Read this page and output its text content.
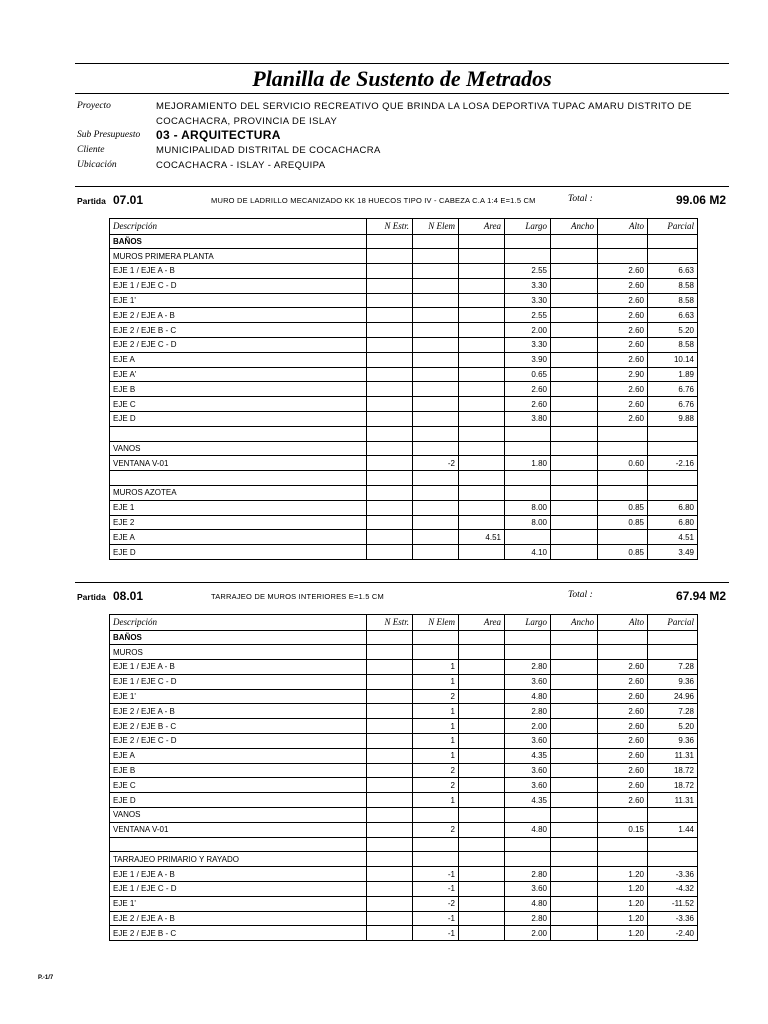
Planilla de Sustento de Metrados
Proyecto	MEJORAMIENTO DEL SERVICIO RECREATIVO QUE BRINDA LA LOSA DEPORTIVA TUPAC AMARU DISTRITO DE
COCACHACRA, PROVINCIA DE ISLAY
Sub Presupuesto 03 - ARQUITECTURA
Cliente	MUNICIPALIDAD DISTRITAL DE COCACHACRA
Ubicación	COCACHACRA - ISLAY - AREQUIPA
Partida 07.01	MURO DE LADRILLO MECANIZADO KK 18 HUECOS TIPO IV - CABEZA C.A 1:4 E=1.5 CM	Total :	99.06 M2
Descripción	N Estr.	N Elem	Area	Largo	Ancho	Alto	Parcial
BAÑOS							
MUROS PRIMERA PLANTA							
EJE 1 / EJE A - B				2.55		2.60	6.63
EJE 1 / EJE C - D				3.30		2.60	8.58
EJE 1'				3.30		2.60	8.58
EJE 2 / EJE A - B				2.55		2.60	6.63
EJE 2 / EJE B - C				2.00		2.60	5.20
EJE 2 / EJE C - D				3.30		2.60	8.58
EJE A				3.90		2.60	10.14
EJE A'				0.65		2.90	1.89
EJE B				2.60		2.60	6.76
EJE C				2.60		2.60	6.76
EJE D				3.80		2.60	9.88

VANOS							
VENTANA V-01		-2		1.80		0.60	-2.16

MUROS AZOTEA							
EJE 1				8.00		0.85	6.80
EJE 2				8.00		0.85	6.80
EJE A			4.51				4.51
EJE D				4.10		0.85	3.49
Partida 08.01	TARRAJEO DE MUROS INTERIORES E=1.5 CM	Total :	67.94 M2
Descripción	N Estr.	N Elem	Area	Largo	Ancho	Alto	Parcial
BAÑOS							
MUROS							
EJE 1 / EJE A - B		1		2.80		2.60	7.28
EJE 1 / EJE C - D		1		3.60		2.60	9.36
EJE 1'		2		4.80		2.60	24.96
EJE 2 / EJE A - B		1		2.80		2.60	7.28
EJE 2 / EJE B - C		1		2.00		2.60	5.20
EJE 2 / EJE C - D		1		3.60		2.60	9.36
EJE A		1		4.35		2.60	11.31
EJE B		2		3.60		2.60	18.72
EJE C		2		3.60		2.60	18.72
EJE D		1		4.35		2.60	11.31
VANOS							
VENTANA V-01		2		4.80		0.15	1.44

TARRAJEO PRIMARIO Y RAYADO							
EJE 1 / EJE A - B		-1		2.80		1.20	-3.36
EJE 1 / EJE C - D		-1		3.60		1.20	-4.32
EJE 1'		-2		4.80		1.20	-11.52
EJE 2 / EJE A - B		-1		2.80		1.20	-3.36
EJE 2 / EJE B - C		-1		2.00		1.20	-2.40
P.-1/7
